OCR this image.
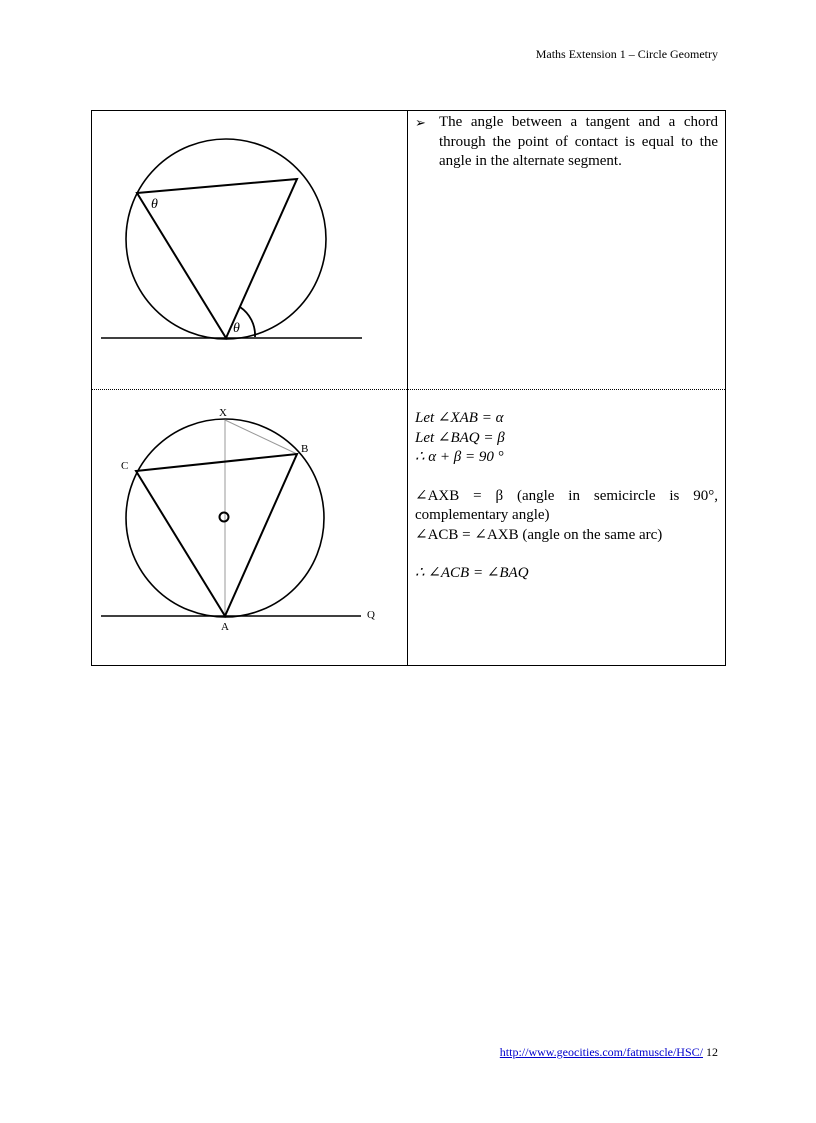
Maths Extension 1 – Circle Geometry
θ
θ
X
B
C
A
Q
➢ The angle between a tangent and a chord through the point of contact is equal to the angle in the alternate segment.
Let ∠XAB = α
Let ∠BAQ = β
∴ α + β = 90 °
∠AXB = β (angle in semicircle is 90°, complementary angle)
∠ACB = ∠AXB (angle on the same arc)
∴ ∠ACB = ∠BAQ
http://www.geocities.com/fatmuscle/HSC/ 12
